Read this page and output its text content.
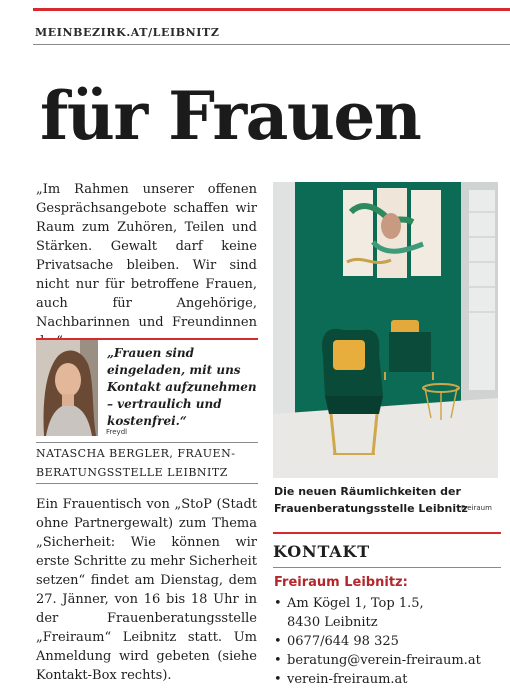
MEINBEZIRK.AT/LEIBNITZ
für Frauen

„Im Rahmen unserer offenen Gesprächsangebote schaffen wir Raum zum Zuhören, Teilen und Stärken. Gewalt darf keine Privatsache bleiben. Wir sind nicht nur für betroffene Frauen, auch für Angehörige, Nachbarinnen und Freundinnen

„Frauen sind eingeladen, mit uns Kontakt aufzunehmen – vertraulich und kostenfrei.“
Freydl
NATASCHA BERGLER, FRAUEN-
BERATUNGSSTELLE LEIBNITZ

Ein Frauentisch von „StoP (Stadt ohne Partnergewalt) zum Thema „Sicherheit: Wie können wir erste Schritte zu mehr Sicherheit setzen“ findet am Dienstag, dem 27. Jänner, von 16 bis 18 Uhr in der Frauenberatungsstelle „Freiraum“ Leibnitz statt. Um Anmeldung wird gebeten (siehe Kontakt-Box rechts).

Die neuen Räumlichkeiten der Frauenberatungsstelle Leibnitz
Freiraum
KONTAKT
Freiraum Leibnitz:
• Am Kögel 1, Top 1.5,
8430 Leibnitz
• 0677/644 98 325
• beratung@verein-freiraum.at
• verein-freiraum.at
